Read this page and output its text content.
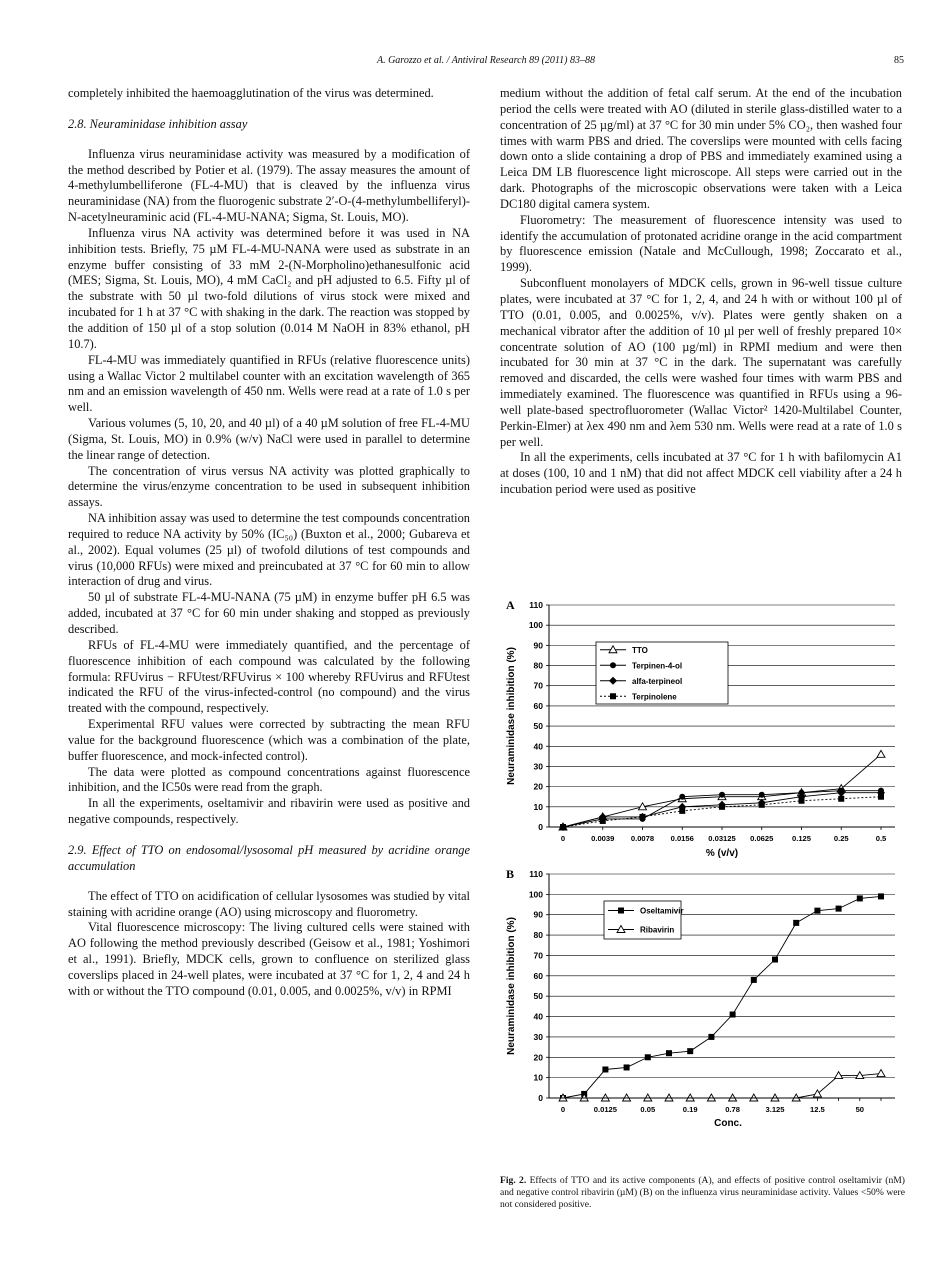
A. Garozzo et al. / Antiviral Research 89 (2011) 83–88	85

completely inhibited the haemoagglutination of the virus was determined.

2.8. Neuraminidase inhibition assay

Influenza virus neuraminidase activity was measured by a modification of the method described by Potier et al. (1979). The assay measures the amount of 4-methylumbelliferone (FL-4-MU) that is cleaved by the influenza virus neuraminidase (NA) from the fluorogenic substrate 2′-O-(4-methylumbelliferyl)-N-acetylneuraminic acid (FL-4-MU-NANA; Sigma, St. Louis, MO).

Influenza virus NA activity was determined before it was used in NA inhibition tests. Briefly, 75 µM FL-4-MU-NANA were used as substrate in an enzyme buffer consisting of 33 mM 2-(N-Morpholino)ethanesulfonic acid (MES; Sigma, St. Louis, MO), 4 mM CaCl₂ and pH adjusted to 6.5. Fifty µl of the substrate with 50 µl two-fold dilutions of virus stock were mixed and incubated for 1 h at 37 °C with shaking in the dark. The reaction was stopped by the addition of 150 µl of a stop solution (0.014 M NaOH in 83% ethanol, pH 10.7).

FL-4-MU was immediately quantified in RFUs (relative fluorescence units) using a Wallac Victor 2 multilabel counter with an excitation wavelength of 365 nm and an emission wavelength of 450 nm. Wells were read at a rate of 1.0 s per well.

Various volumes (5, 10, 20, and 40 µl) of a 40 µM solution of free FL-4-MU (Sigma, St. Louis, MO) in 0.9% (w/v) NaCl were used in parallel to determine the linear range of detection.

The concentration of virus versus NA activity was plotted graphically to determine the virus/enzyme concentration to be used in subsequent inhibition assays.

NA inhibition assay was used to determine the test compounds concentration required to reduce NA activity by 50% (IC₅₀) (Buxton et al., 2000; Gubareva et al., 2002). Equal volumes (25 µl) of twofold dilutions of test compounds and virus (10,000 RFUs) were mixed and preincubated at 37 °C for 60 min to allow interaction of drug and virus.

50 µl of substrate FL-4-MU-NANA (75 µM) in enzyme buffer pH 6.5 was added, incubated at 37 °C for 60 min under shaking and stopped as previously described.

RFUs of FL-4-MU were immediately quantified, and the percentage of fluorescence inhibition of each compound was calculated by the following formula: RFUvirus − RFUtest/RFUvirus × 100 whereby RFUvirus and RFUtest indicated the RFU of the virus-infected-control (no compound) and the virus treated with the compound, respectively.

Experimental RFU values were corrected by subtracting the mean RFU value for the background fluorescence (which was a combination of the plate, buffer fluorescence, and mock-infected control).

The data were plotted as compound concentrations against fluorescence inhibition, and the IC50s were read from the graph.

In all the experiments, oseltamivir and ribavirin were used as positive and negative compounds, respectively.

2.9. Effect of TTO on endosomal/lysosomal pH measured by acridine orange accumulation

The effect of TTO on acidification of cellular lysosomes was studied by vital staining with acridine orange (AO) using microscopy and fluorometry.

Vital fluorescence microscopy: The living cultured cells were stained with AO following the method previously described (Geisow et al., 1981; Yoshimori et al., 1991). Briefly, MDCK cells, grown to confluence on sterilized glass coverslips placed in 24-well plates, were incubated at 37 °C for 1, 2, 4 and 24 h with or without the TTO compound (0.01, 0.005, and 0.0025%, v/v) in RPMI

medium without the addition of fetal calf serum. At the end of the incubation period the cells were treated with AO (diluted in sterile glass-distilled water to a concentration of 25 µg/ml) at 37 °C for 30 min under 5% CO₂, then washed four times with warm PBS and dried. The coverslips were mounted with cells facing down onto a slide containing a drop of PBS and immediately examined using a Leica DM LB fluorescence light microscope. All steps were carried out in the dark. Photographs of the microscopic observations were taken with a Leica DC180 digital camera system.

Fluorometry: The measurement of fluorescence intensity was used to identify the accumulation of protonated acridine orange in the acid compartment by fluorescence emission (Natale and McCullough, 1998; Zoccarato et al., 1999).

Subconfluent monolayers of MDCK cells, grown in 96-well tissue culture plates, were incubated at 37 °C for 1, 2, 4, and 24 h with or without 100 µl of TTO (0.01, 0.005, and 0.0025%, v/v). Plates were gently shaken on a mechanical vibrator after the addition of 10 µl per well of freshly prepared 10× concentrate solution of AO (100 µg/ml) in RPMI medium and were then incubated for 30 min at 37 °C in the dark. The supernatant was carefully removed and discarded, the cells were washed four times with warm PBS and immediately examined. The fluorescence was quantified in RFUs using a 96-well plate-based spectrofluorometer (Wallac Victor² 1420-Multilabel Counter, Perkin-Elmer) at λex 490 nm and λem 530 nm. Wells were read at a rate of 1.0 s per well.

In all the experiments, cells incubated at 37 °C for 1 h with bafilomycin A1 at doses (100, 10 and 1 nM) that did not affect MDCK cell viability after a 24 h incubation period were used as positive

A
0
10
20
30
40
50
60
70
80
90
100
110
Neuraminidase inhibition (%)
0	0.0039 0.0078 0.0156 0.03125 0.0625 0.125	0.25	0.5
% (v/v)
TTO
Terpinen-4-ol
alfa-terpineol
Terpinolene
B
0
10
20
30
40
50
60
70
80
90
100
110
Neuraminidase inhibition (%)
0	0.0125	0.05	0.19	0.78	3.125	12.5	50
Conc.
Oseltamivir
Ribavirin
Fig. 2. Effects of TTO and its active components (A), and effects of positive control oseltamivir (nM) and negative control ribavirin (µM) (B) on the influenza virus neuraminidase activity. Values <50% were not considered positive.
